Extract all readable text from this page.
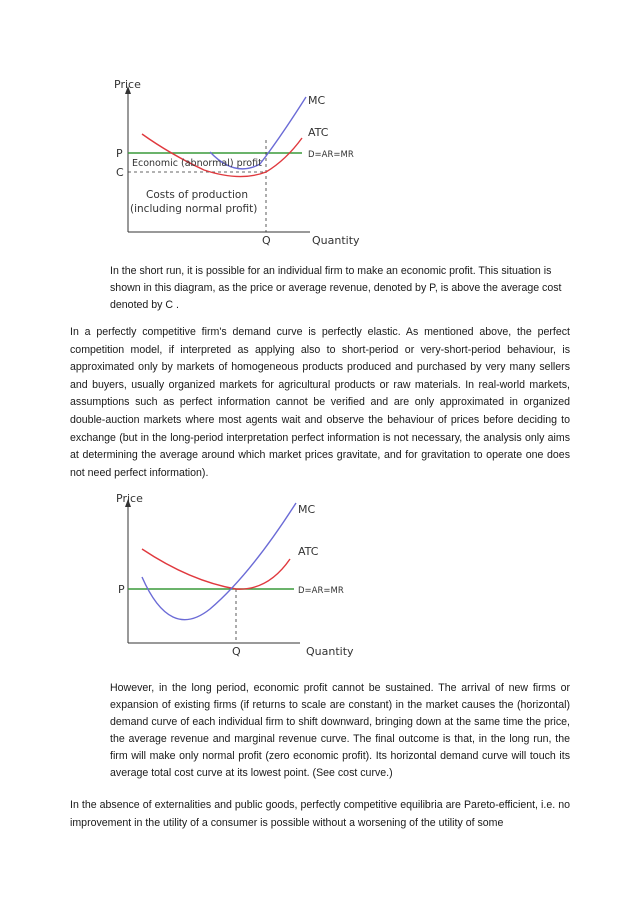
Price
Quantity
P
C
Q
MC
ATC
D=AR=MR
Economic (abnormal) profit
Costs of production
(including normal profit)

In the short run, it is possible for an individual firm to make an economic profit. This situation is shown in this diagram, as the price or average revenue, denoted by P, is above the average cost denoted by C .

In a perfectly competitive firm's demand curve is perfectly elastic. As mentioned above, the perfect competition model, if interpreted as applying also to short-period or very-short-period behaviour, is approximated only by markets of homogeneous products produced and purchased by very many sellers and buyers, usually organized markets for agricultural products or raw materials. In real-world markets, assumptions such as perfect information cannot be verified and are only approximated in organized double-auction markets where most agents wait and observe the behaviour of prices before deciding to exchange (but in the long-period interpretation perfect information is not necessary, the analysis only aims at determining the average around which market prices gravitate, and for gravitation to operate one does not need perfect information).

Price
Quantity
P
Q
MC
ATC
D=AR=MR

However, in the long period, economic profit cannot be sustained. The arrival of new firms or expansion of existing firms (if returns to scale are constant) in the market causes the (horizontal) demand curve of each individual firm to shift downward, bringing down at the same time the price, the average revenue and marginal revenue curve. The final outcome is that, in the long run, the firm will make only normal profit (zero economic profit). Its horizontal demand curve will touch its average total cost curve at its lowest point. (See cost curve.)

In the absence of externalities and public goods, perfectly competitive equilibria are Pareto-efficient, i.e. no improvement in the utility of a consumer is possible without a worsening of the utility of some
